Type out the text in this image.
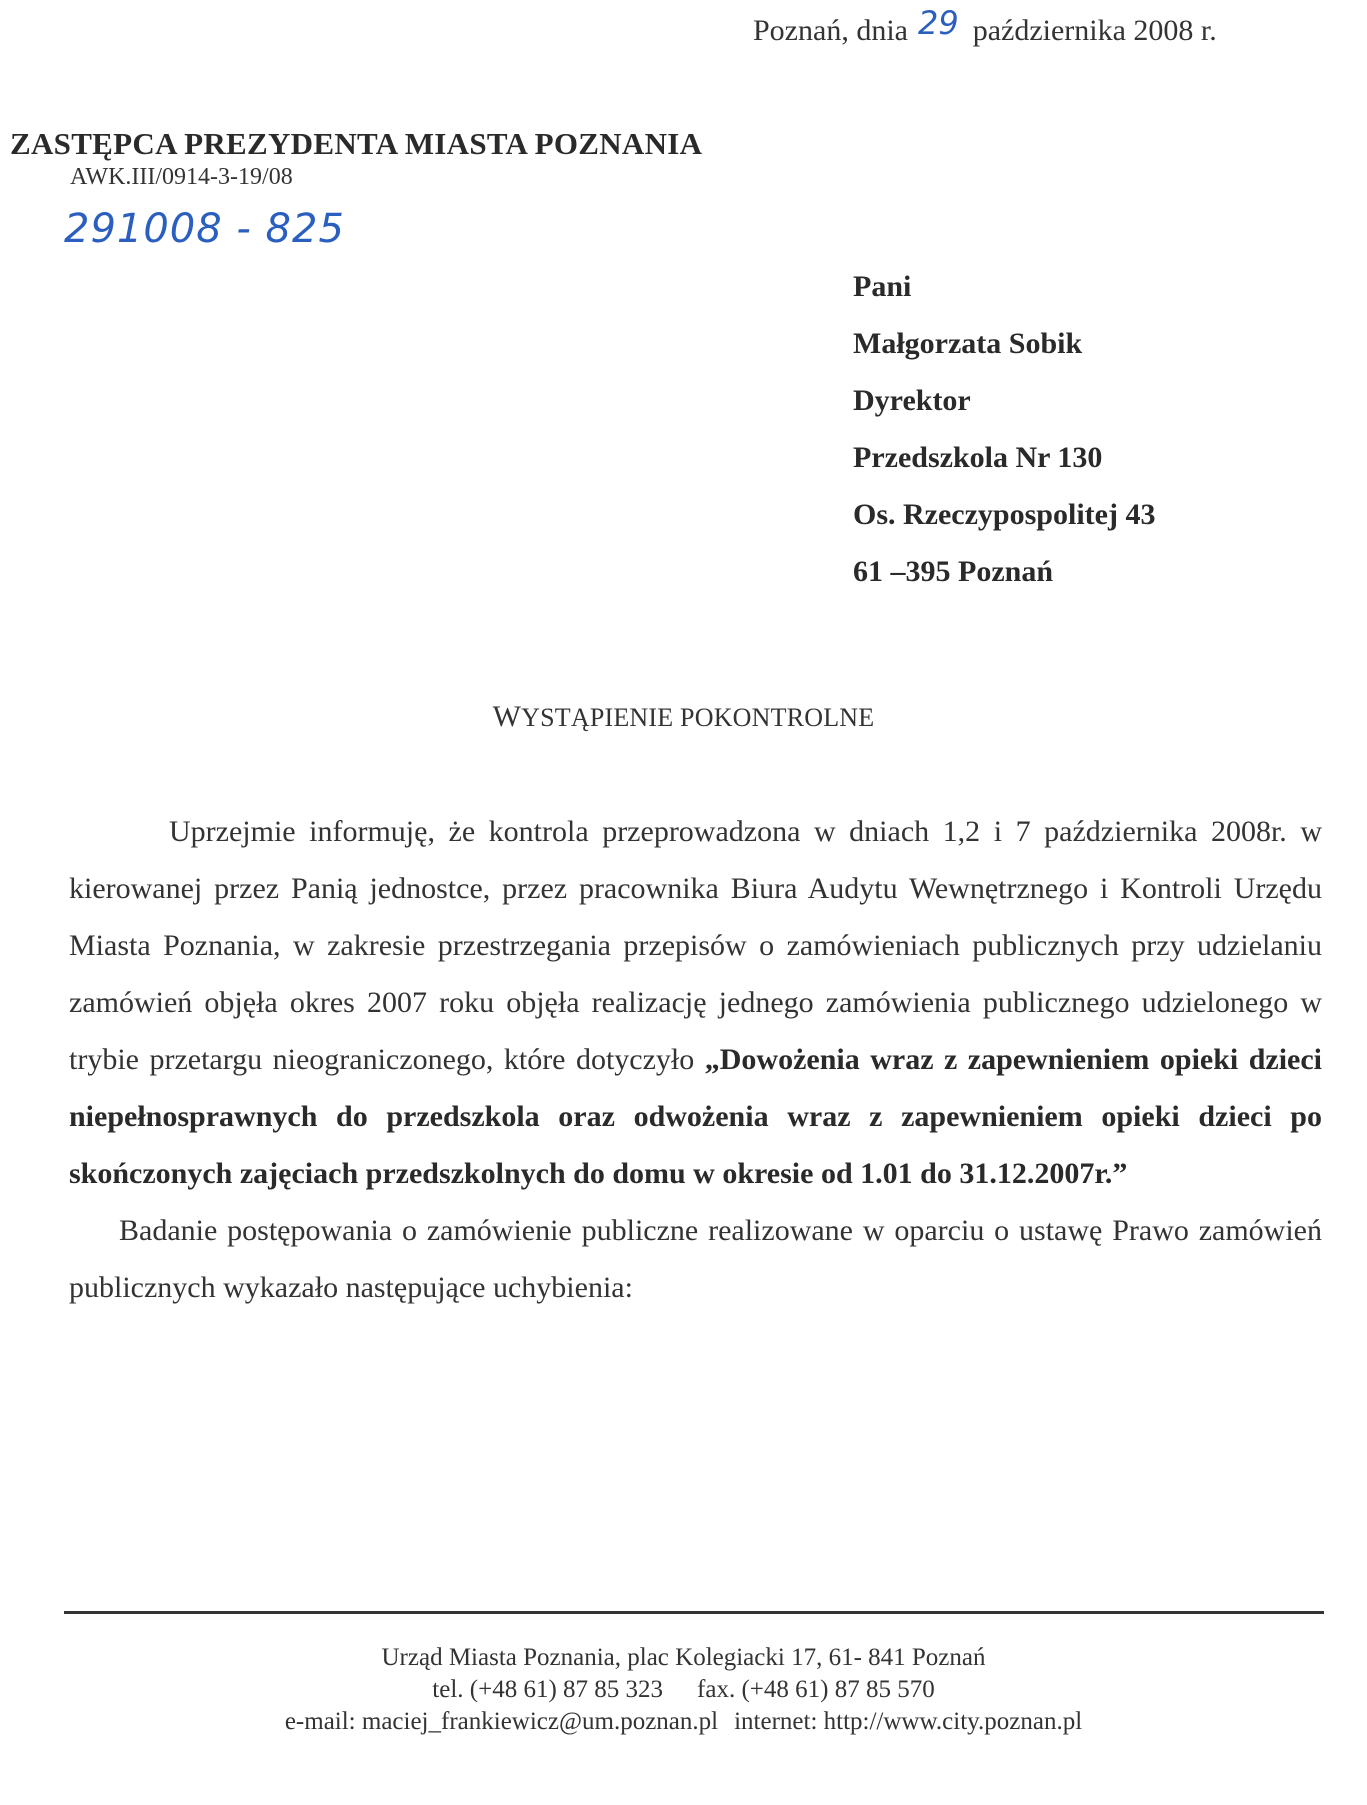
Poznań, dnia 29 października 2008 r.
ZASTĘPCA PREZYDENTA MIASTA POZNANIA
AWK.III/0914-3-19/08
291008 - 825
Pani
Małgorzata Sobik
Dyrektor
Przedszkola Nr 130
Os. Rzeczypospolitej 43
61 –395 Poznań
WYSTĄPIENIE POKONTROLNE

Uprzejmie informuję, że kontrola przeprowadzona w dniach 1,2 i 7 października 2008r. w kierowanej przez Panią jednostce, przez pracownika Biura Audytu Wewnętrznego i Kontroli Urzędu Miasta Poznania, w zakresie przestrzegania przepisów o zamówieniach publicznych przy udzielaniu zamówień objęła okres 2007 roku objęła realizację jednego zamówienia publicznego udzielonego w trybie przetargu nieograniczonego, które dotyczyło „Dowożenia wraz z zapewnieniem opieki dzieci niepełnosprawnych do przedszkola oraz odwożenia wraz z zapewnieniem opieki dzieci po skończonych zajęciach przedszkolnych do domu w okresie od 1.01 do 31.12.2007r.”

Badanie postępowania o zamówienie publiczne realizowane w oparciu o ustawę Prawo zamówień publicznych wykazało następujące uchybienia:

Urząd Miasta Poznania, plac Kolegiacki 17, 61- 841 Poznań
tel. (+48 61) 87 85 323 fax. (+48 61) 87 85 570
e-mail: maciej_frankiewicz@um.poznan.pl internet: http://www.city.poznan.pl
